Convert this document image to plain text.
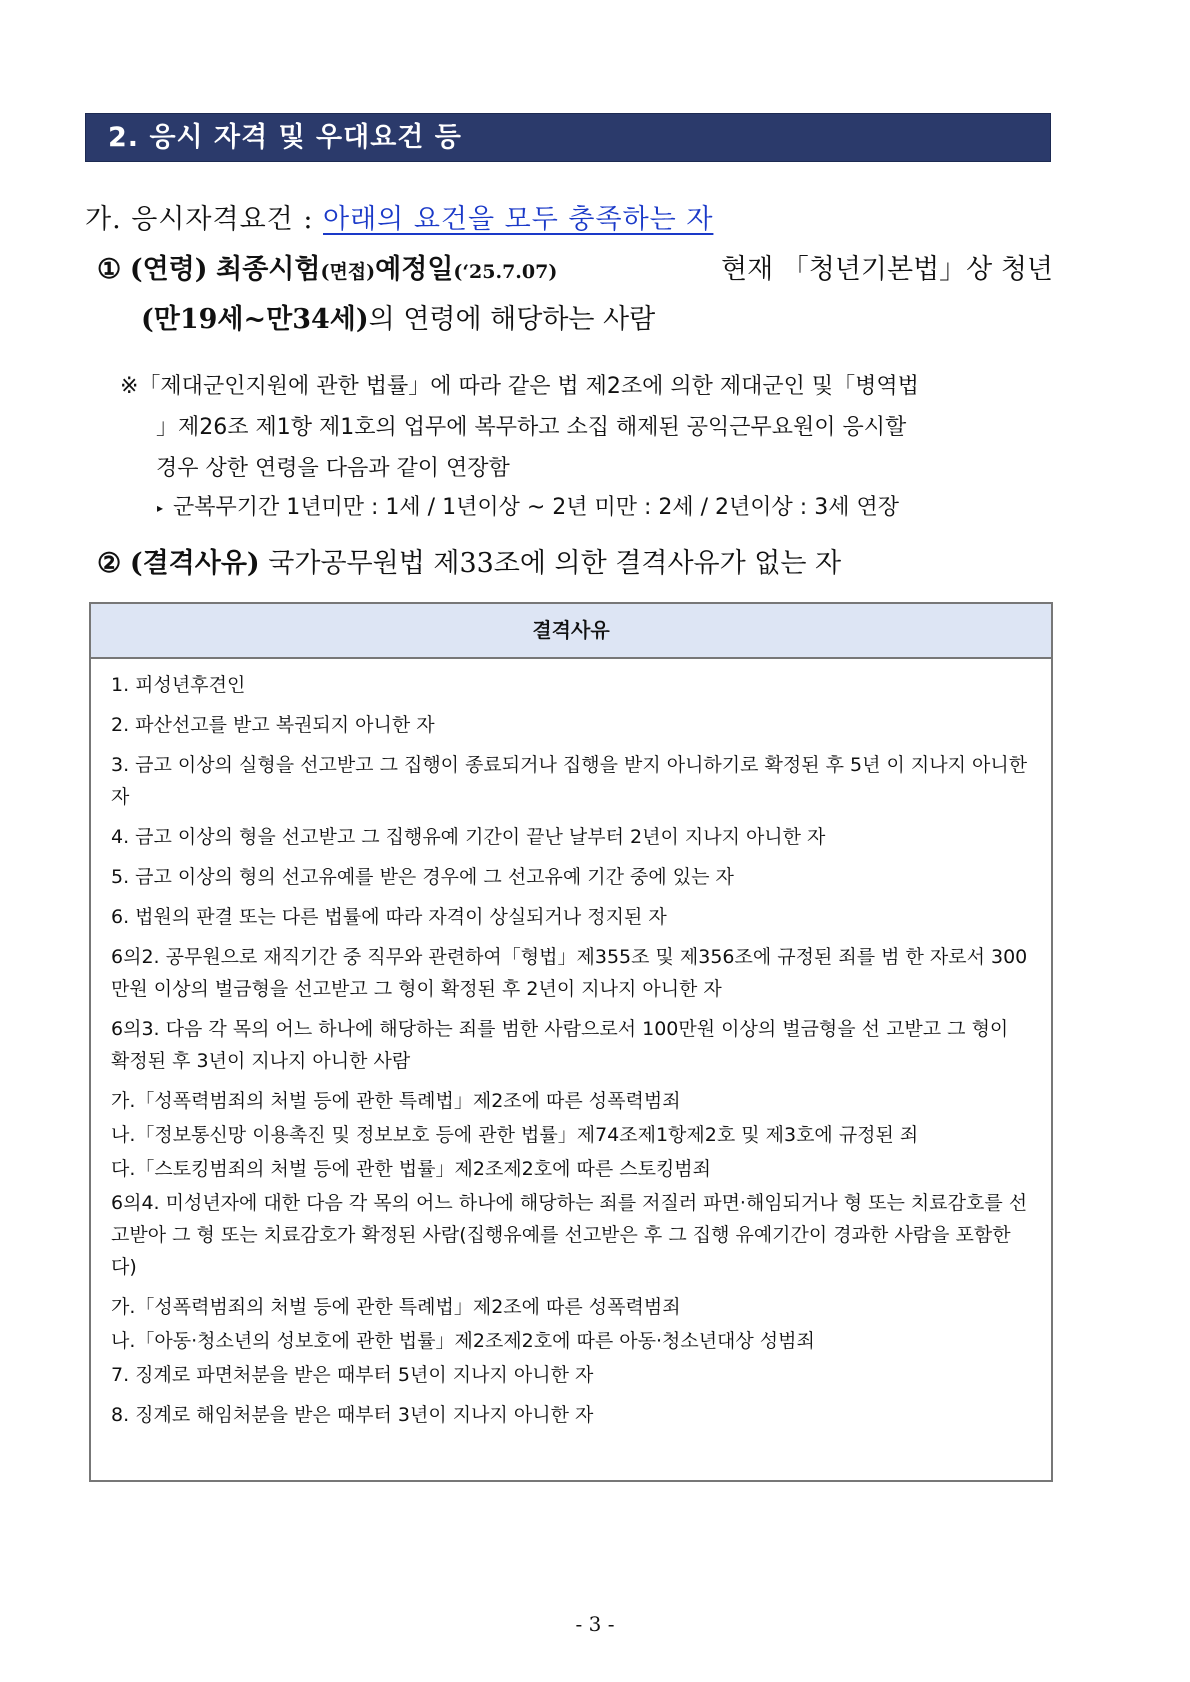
2. 응시 자격 및 우대요건 등
가. 응시자격요건 : 아래의 요건을 모두 충족하는 자
① (연령) 최종시험(면접)예정일(‘25.7.07)	현재 「청년기본법」상 청년
(만19세~만34세)의 연령에 해당하는 사람
※「제대군인지원에 관한 법률」에 따라 같은 법 제2조에 의한 제대군인 및「병역법
」제26조 제1항 제1호의 업무에 복무하고 소집 해제된 공익근무요원이 응시할
경우 상한 연령을 다음과 같이 연장함
▸ 군복무기간 1년미만 : 1세 / 1년이상 ~ 2년 미만 : 2세 / 2년이상 : 3세 연장
② (결격사유) 국가공무원법 제33조에 의한 결격사유가 없는 자
결격사유
1. 피성년후견인
2. 파산선고를 받고 복권되지 아니한 자
3. 금고 이상의 실형을 선고받고 그 집행이 종료되거나 집행을 받지 아니하기로 확정된 후 5년 이 지나지 아니한 자
4. 금고 이상의 형을 선고받고 그 집행유예 기간이 끝난 날부터 2년이 지나지 아니한 자
5. 금고 이상의 형의 선고유예를 받은 경우에 그 선고유예 기간 중에 있는 자
6. 법원의 판결 또는 다른 법률에 따라 자격이 상실되거나 정지된 자
6의2. 공무원으로 재직기간 중 직무와 관련하여「형법」제355조 및 제356조에 규정된 죄를 범 한 자로서 300만원 이상의 벌금형을 선고받고 그 형이 확정된 후 2년이 지나지 아니한 자
6의3. 다음 각 목의 어느 하나에 해당하는 죄를 범한 사람으로서 100만원 이상의 벌금형을 선 고받고 그 형이 확정된 후 3년이 지나지 아니한 사람
가.「성폭력범죄의 처벌 등에 관한 특례법」제2조에 따른 성폭력범죄
나.「정보통신망 이용촉진 및 정보보호 등에 관한 법률」제74조제1항제2호 및 제3호에 규정된 죄
다.「스토킹범죄의 처벌 등에 관한 법률」제2조제2호에 따른 스토킹범죄
6의4. 미성년자에 대한 다음 각 목의 어느 하나에 해당하는 죄를 저질러 파면·해임되거나 형 또는 치료감호를 선고받아 그 형 또는 치료감호가 확정된 사람(집행유예를 선고받은 후 그 집행 유예기간이 경과한 사람을 포함한다)
가.「성폭력범죄의 처벌 등에 관한 특례법」제2조에 따른 성폭력범죄
나.「아동·청소년의 성보호에 관한 법률」제2조제2호에 따른 아동·청소년대상 성범죄
7. 징계로 파면처분을 받은 때부터 5년이 지나지 아니한 자
8. 징계로 해임처분을 받은 때부터 3년이 지나지 아니한 자
- 3 -
